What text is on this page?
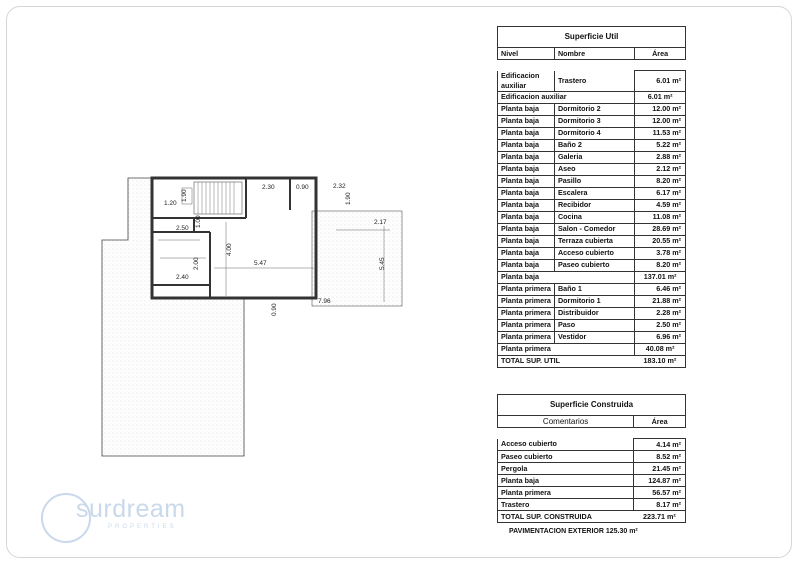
2.30	0.90	2.32
1.90
1.20
1.90
2.17
2.50
1.00
4.00
5.47	5.45
2.40
2.00
0.90
7.96
Superficie Util		
Nivel	Nombre	Área

Edificacion auxiliar	Trastero	6.01 m²
Edificacion auxiliar		6.01 m²
Planta baja	Dormitorio 2	12.00 m²
Planta baja	Dormitorio 3	12.00 m²
Planta baja	Dormitorio 4	11.53 m²
Planta baja	Baño 2	5.22 m²
Planta baja	Galeria	2.88 m²
Planta baja	Aseo	2.12 m²
Planta baja	Pasillo	8.20 m²
Planta baja	Escalera	6.17 m²
Planta baja	Recibidor	4.59 m²
Planta baja	Cocina	11.08 m²
Planta baja	Salon - Comedor	28.69 m²
Planta baja	Terraza cubierta	20.55 m²
Planta baja	Acceso cubierto	3.78 m²
Planta baja	Paseo cubierto	8.20 m²
Planta baja		137.01 m²
Planta primera	Baño 1	6.46 m²
Planta primera	Dormitorio 1	21.88 m²
Planta primera	Distribuidor	2.28 m²
Planta primera	Paso	2.50 m²
Planta primera	Vestidor	6.96 m²
Planta primera		40.08 m²
TOTAL SUP. UTIL		183.10 m²
Superficie Construida	
Comentarios	Área

Acceso cubierto	4.14 m²
Paseo cubierto	8.52 m²
Pergola	21.45 m²
Planta baja	124.87 m²
Planta primera	56.57 m²
Trastero	8.17 m²
TOTAL SUP. CONSTRUIDA	223.71 m²
PAVIMENTACION EXTERIOR 125.30 m²
surdream
PROPERTIES
